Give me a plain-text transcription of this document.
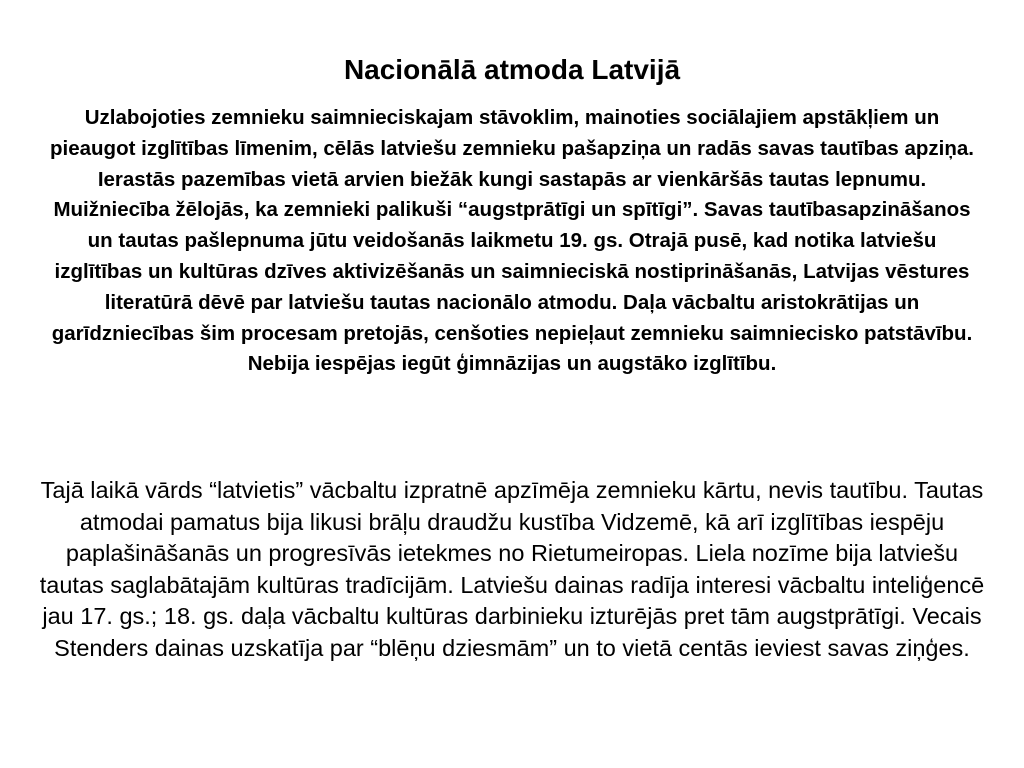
Nacionālā atmoda Latvijā

Uzlabojoties zemnieku saimnieciskajam stāvoklim, mainoties sociālajiem apstākļiem un pieaugot izglītības līmenim, cēlās latviešu zemnieku pašapziņa un radās savas tautības apziņa. Ierastās pazemības vietā arvien biežāk kungi sastapās ar vienkāršās tautas lepnumu. Muižniecība žēlojās, ka zemnieki palikuši “augstprātīgi un spītīgi”. Savas tautībasapzināšanos un tautas pašlepnuma jūtu veidošanās laikmetu 19. gs. Otrajā pusē, kad notika latviešu izglītības un kultūras dzīves aktivizēšanās un saimnieciskā nostiprināšanās, Latvijas vēstures literatūrā dēvē par latviešu tautas nacionālo atmodu. Daļa vācbaltu aristokrātijas un garīdzniecības šim procesam pretojās, cenšoties nepieļaut zemnieku saimniecisko patstāvību. Nebija iespējas iegūt ģimnāzijas un augstāko izglītību.

Tajā laikā vārds “latvietis” vācbaltu izpratnē apzīmēja zemnieku kārtu, nevis tautību. Tautas atmodai pamatus bija likusi brāļu draudžu kustība Vidzemē, kā arī izglītības iespēju paplašināšanās un progresīvās ietekmes no Rietumeiropas. Liela nozīme bija latviešu tautas saglabātajām kultūras tradīcijām. Latviešu dainas radīja interesi vācbaltu inteliģencē jau 17. gs.; 18. gs. daļa vācbaltu kultūras darbinieku izturējās pret tām augstprātīgi. Vecais Stenders dainas uzskatīja par “blēņu dziesmām” un to vietā centās ieviest savas ziņģes.
